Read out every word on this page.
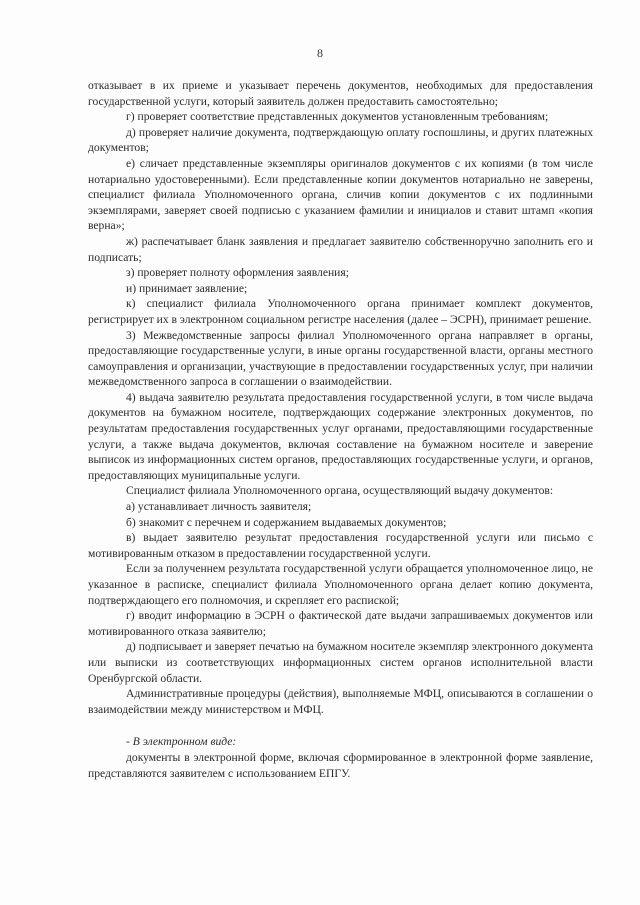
8

отказывает в их приеме и указывает перечень документов, необходимых для предоставления государственной услуги, который заявитель должен предоставить самостоятельно;

г) проверяет соответствие представленных документов установленным требованиям;

д) проверяет наличие документа, подтверждающую оплату госпошлины, и других платежных документов;

е) сличает представленные экземпляры оригиналов документов с их копиями (в том числе нотариально удостоверенными). Если представленные копии документов нотариально не заверены, специалист филиала Уполномоченного органа, сличив копии документов с их подлинными экземплярами, заверяет своей подписью с указанием фамилии и инициалов и ставит штамп «копия верна»;

ж) распечатывает бланк заявления и предлагает заявителю собственноручно заполнить его и подписать;

з) проверяет полноту оформления заявления;

и) принимает заявление;

к) специалист филиала Уполномоченного органа принимает комплект документов, регистрирует их в электронном социальном регистре населения (далее – ЭСРН), принимает решение.

3) Межведомственные запросы филиал Уполномоченного органа направляет в органы, предоставляющие государственные услуги, в иные органы государственной власти, органы местного самоуправления и организации, участвующие в предоставлении государственных услуг, при наличии межведомственного запроса в соглашении о взаимодействии.

4) выдача заявителю результата предоставления государственной услуги, в том числе выдача документов на бумажном носителе, подтверждающих содержание электронных документов, по результатам предоставления государственных услуг органами, предоставляющими государственные услуги, а также выдача документов, включая составление на бумажном носителе и заверение выписок из информационных систем органов, предоставляющих государственные услуги, и органов, предоставляющих муниципальные услуги.

Специалист филиала Уполномоченного органа, осуществляющий выдачу документов:

а) устанавливает личность заявителя;

б) знакомит с перечнем и содержанием выдаваемых документов;

в) выдает заявителю результат предоставления государственной услуги или письмо с мотивированным отказом в предоставлении государственной услуги.

Если за полученнем результата государственной услуги обращается уполномоченное лицо, не указанное в расписке, специалист филиала Уполномоченного органа делает копию документа, подтверждающего его полномочия, и скрепляет его распиской;

г) вводит информацию в ЭСРН о фактической дате выдачи запрашиваемых документов или мотивированного отказа заявителю;

д) подписывает и заверяет печатью на бумажном носителе экземпляр электронного документа или выписки из соответствующих информационных систем органов исполнительной власти Оренбургской области.

Административные процедуры (действия), выполняемые МФЦ, описываются в соглашении о взаимодействии между министерством и МФЦ.

- В электронном виде:

документы в электронной форме, включая сформированное в электронной форме заявление, представляются заявителем с использованием ЕПГУ.
